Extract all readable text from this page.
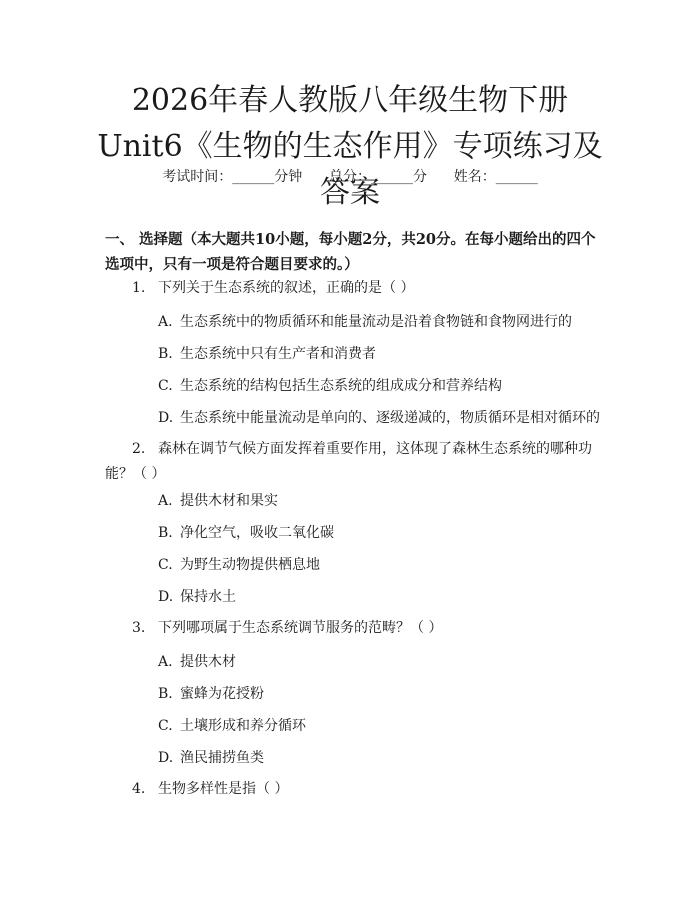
2026年春人教版八年级生物下册Unit6《生物的生态作用》专项练习及答案
考试时间：______分钟      总分：______分      姓名：______
一、 选择题（本大题共10小题，每小题2分，共20分。在每小题给出的四个选项中，只有一项是符合题目要求的。）
1. 下列关于生态系统的叙述，正确的是（ ）
A. 生态系统中的物质循环和能量流动是沿着食物链和食物网进行的
B. 生态系统中只有生产者和消费者
C. 生态系统的结构包括生态系统的组成成分和营养结构
D. 生态系统中能量流动是单向的、逐级递减的，物质循环是相对循环的
2. 森林在调节气候方面发挥着重要作用，这体现了森林生态系统的哪种功能？（ ）
A. 提供木材和果实
B. 净化空气，吸收二氧化碳
C. 为野生动物提供栖息地
D. 保持水土
3. 下列哪项属于生态系统调节服务的范畴？（ ）
A. 提供木材
B. 蜜蜂为花授粉
C. 土壤形成和养分循环
D. 渔民捕捞鱼类
4. 生物多样性是指（ ）
